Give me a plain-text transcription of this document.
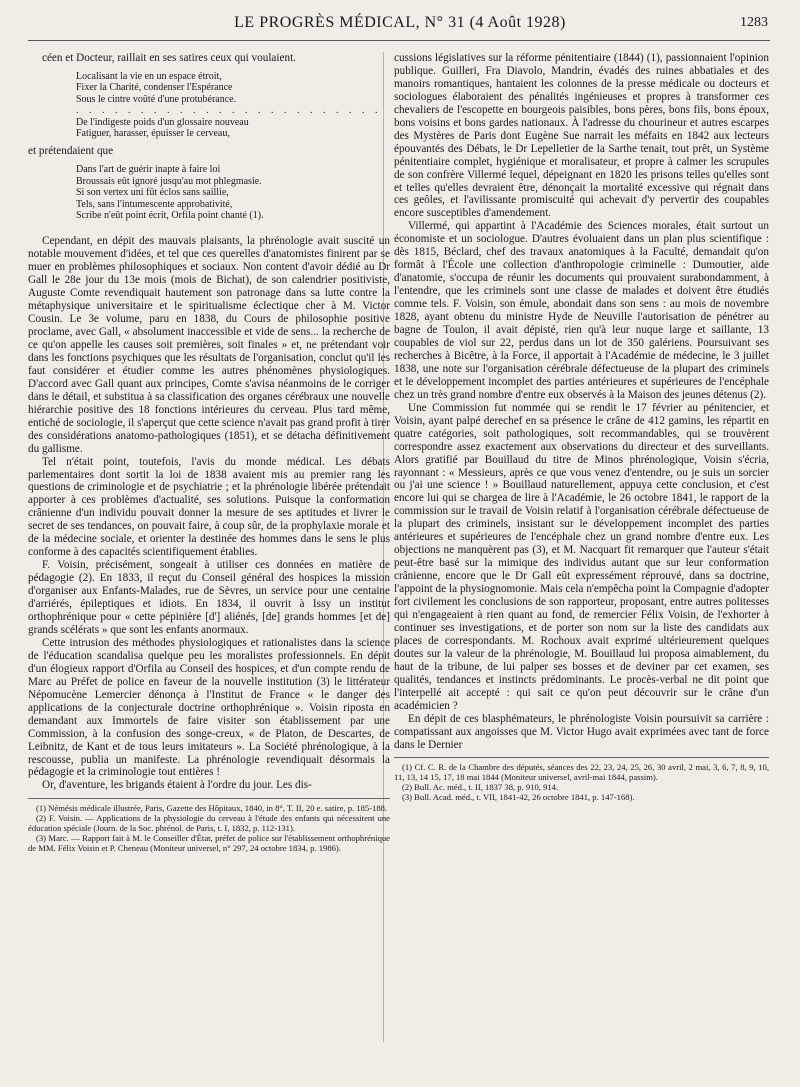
LE PROGRÈS MÉDICAL, N° 31 (4 Août 1928)	1283

céen et Docteur, raillait en ses satires ceux qui voulaient.

Localisant la vie en un espace étroit,
Fixer la Charité, condenser l'Espérance
Sous le cintre voûté d'une protubérance.
. . . . . . . . . . . . . . . . . . . . . . . .
De l'indigeste poids d'un glossaire nouveau
Fatiguer, harasser, épuisser le cerveau,

et prétendaient que

Dans l'art de guérir inapte à faire loi
Broussais eût ignoré jusqu'au mot phlegmasie.
Si son vertex uni fût éclos sans saillie,
Tels, sans l'intumescente approbativité,
Scribe n'eût point écrit, Orfila point chanté (1).

Cependant, en dépit des mauvais plaisants, la phrénologie avait suscité un notable mouvement d'idées, et tel que ces querelles d'anatomistes finirent par se muer en problèmes philosophiques et sociaux. Non content d'avoir dédié au Dr Gall le 28e jour du 13e mois (mois de Bichat), de son calendrier positiviste, Auguste Comte revendiquait hautement son patronage dans sa lutte contre la métaphysique universitaire et le spiritualisme éclectique cher à M. Victor Cousin. Le 3e volume, paru en 1838, du Cours de philosophie positive proclame, avec Gall, « absolument inaccessible et vide de sens... la recherche de ce qu'on appelle les causes soit premières, soit finales » et, ne prétendant voir dans les fonctions psychiques que les résultats de l'organisation, conclut qu'il les faut considérer et étudier comme les autres phénomènes physiologiques. D'accord avec Gall quant aux principes, Comte s'avisa néanmoins de le corriger dans le détail, et substitua à sa classification des organes cérébraux une nouvelle hiérarchie positive des 18 fonctions intérieures du cerveau. Plus tard même, entiché de sociologie, il s'aperçut que cette science n'avait pas grand profit à tirer des considérations anatomo-pathologiques (1851), et se détacha définitivement du gallisme.

Tel n'était point, toutefois, l'avis du monde médical. Les débats parlementaires dont sortit la loi de 1838 avaient mis au premier rang les questions de criminologie et de psychiatrie ; et la phrénologie libérée prétendait apporter à ces problèmes d'actualité, ses solutions. Puisque la conformation crânienne d'un individu pouvait donner la mesure de ses aptitudes et livrer le secret de ses tendances, on pouvait faire, à coup sûr, de la prophylaxie morale et de la médecine sociale, et orienter la destinée des hommes dans le sens le plus conforme à des capacités scientifiquement établies.

F. Voisin, précisément, songeait à utiliser ces données en matière de pédagogie (2). En 1833, il reçut du Conseil général des hospices la mission d'organiser aux Enfants-Malades, rue de Sèvres, un service pour une centaine d'arriérés, épileptiques et idiots. En 1834, il ouvrit à Issy un institut orthophrénique pour « cette pépinière [d'] aliénés, [de] grands hommes [et de] grands scélérats » que sont les enfants anormaux.

Cette intrusion des méthodes physiologiques et rationalistes dans la science de l'éducation scandalisa quelque peu les moralistes professionnels. En dépit d'un élogieux rapport d'Orfila au Conseil des hospices, et d'un compte rendu de Marc au Préfet de police en faveur de la nouvelle institution (3) le littérateur Népomucène Lemercier dénonça à l'Institut de France « le danger des applications de la conjecturale doctrine orthophrénique ». Voisin riposta en demandant aux Immortels de faire visiter son établissement par une Commission, à la confusion des songe-creux, « de Platon, de Descartes, de Leibnitz, de Kant et de tous leurs imitateurs ». La Société phrénologique, à la rescousse, publia un manifeste. La phrénologie revendiquait désormais la pédagogie et la criminologie tout entières !

Or, d'aventure, les brigands étaient à l'ordre du jour. Les dis-

(1) Némésis médicale illustrée, Paris, Gazette des Hôpitaux, 1840, in 8°, T. II, 20 e. satire, p. 185-188.

(2) F. Voisin. — Applications de la physiologie du cerveau à l'étude des enfants qui nécessitent une éducation spéciale (Journ. de la Soc. phrénol. de Paris, t. I, 1832, p. 112-131).

(3) Marc. — Rapport fait à M. le Conseiller d'État, préfet de police sur l'établissement orthophrénique de MM. Félix Voisin et P. Cheneau (Moniteur universel, n° 297, 24 octobre 1834, p. 1986).

cussions législatives sur la réforme pénitentiaire (1844) (1), passionnaient l'opinion publique. Guilleri, Fra Diavolo, Mandrin, évadés des ruines abbatiales et des manoirs romantiques, hantaient les colonnes de la presse médicale ou docteurs et sociologues élaboraient des pénalités ingénieuses et propres à transformer ces chevaliers de l'escopette en bourgeois paisibles, bons pères, bons fils, bons époux, bons voisins et bons gardes nationaux. À l'adresse du chourineur et autres escarpes des Mystères de Paris dont Eugène Sue narrait les méfaits en 1842 aux lecteurs épouvantés des Débats, le Dr Lepelletier de la Sarthe tenait, tout prêt, un Système pénitentiaire complet, hygiénique et moralisateur, et propre à calmer les scrupules de son confrère Villermé lequel, dépeignant en 1820 les prisons telles qu'elles sont et telles qu'elles devraient être, dénonçait la mortalité excessive qui régnait dans ces geôles, et l'avilissante promiscuité qui achevait d'y pervertir des coupables encore susceptibles d'amendement.

Villermé, qui appartint à l'Académie des Sciences morales, était surtout un économiste et un sociologue. D'autres évoluaient dans un plan plus scientifique : dès 1815, Béclard, chef des travaux anatomiques à la Faculté, demandait qu'on formât à l'École une collection d'anthropologie criminelle : Dumoutier, aide d'anatomie, s'occupa de réunir les documents qui prouvaient surabondamment, à l'entendre, que les criminels sont une classe de malades et doivent être étudiés comme tels. F. Voisin, son émule, abondait dans son sens : au mois de novembre 1828, ayant obtenu du ministre Hyde de Neuville l'autorisation de pénétrer au bagne de Toulon, il avait dépisté, rien qu'à leur nuque large et saillante, 13 coupables de viol sur 22, perdus dans un lot de 350 galériens. Poursuivant ses recherches à Bicêtre, à la Force, il apportait à l'Académie de médecine, le 3 juillet 1838, une note sur l'organisation cérébrale défectueuse de la plupart des criminels et le développement incomplet des parties antérieures et supérieures de l'encéphale chez un très grand nombre d'entre eux observés à la Maison des jeunes détenus (2).

Une Commission fut nommée qui se rendit le 17 février au pénitencier, et Voisin, ayant palpé derechef en sa présence le crâne de 412 gamins, les répartit en quatre catégories, soit pathologiques, soit recommandables, qui se trouvèrent correspondre assez exactement aux observations du directeur et des surveillants. Alors gratifié par Bouillaud du titre de Minos phrénologique, Voisin s'écria, rayonnant : « Messieurs, après ce que vous venez d'entendre, ou je suis un sorcier ou j'ai une science ! » Bouillaud naturellement, appuya cette conclusion, et c'est encore lui qui se chargea de lire à l'Académie, le 26 octobre 1841, le rapport de la commission sur le travail de Voisin relatif à l'organisation cérébrale défectueuse de la plupart des criminels, insistant sur le développement incomplet des parties antérieures et supérieures de l'encéphale chez un grand nombre d'entre eux. Les objections ne manquèrent pas (3), et M. Nacquart fit remarquer que l'auteur s'était peut-être basé sur la mimique des individus autant que sur leur conformation crânienne, encore que le Dr Gall eût expressément réprouvé, dans sa doctrine, l'appoint de la physiognomonie. Mais cela n'empêcha point la Compagnie d'adopter fort civilement les conclusions de son rapporteur, proposant, entre autres politesses qui n'engageaient à rien quant au fond, de remercier Félix Voisin, de l'exhorter à continuer ses investigations, et de porter son nom sur la liste des candidats aux places de correspondants. M. Rochoux avait exprimé ultérieurement quelques doutes sur la valeur de la phrénologie, M. Bouillaud lui proposa aimablement, du haut de la tribune, de lui palper ses bosses et de deviner par cet examen, ses qualités, tendances et instincts prédominants. Le procès-verbal ne dit point que l'interpellé ait accepté : qui sait ce qu'on peut découvrir sur le crâne d'un académicien ?

En dépit de ces blasphémateurs, le phrénologiste Voisin poursuivit sa carrière : compatissant aux angoisses que M. Victor Hugo avait exprimées avec tant de force dans le Dernier

(1) Cf. C. R. de la Chambre des députés, séances des 22, 23, 24, 25, 26, 30 avril, 2 mai, 3, 6, 7, 8, 9, 10, 11, 13, 14 15, 17, 18 mai 1844 (Moniteur universel, avril-mai 1844, passim).

(2) Bull. Ac. méd., t. II, 1837 38, p. 910, 914.

(3) Bull. Acad. méd., t. VII, 1841-42, 26 octobre 1841, p. 147-168).
